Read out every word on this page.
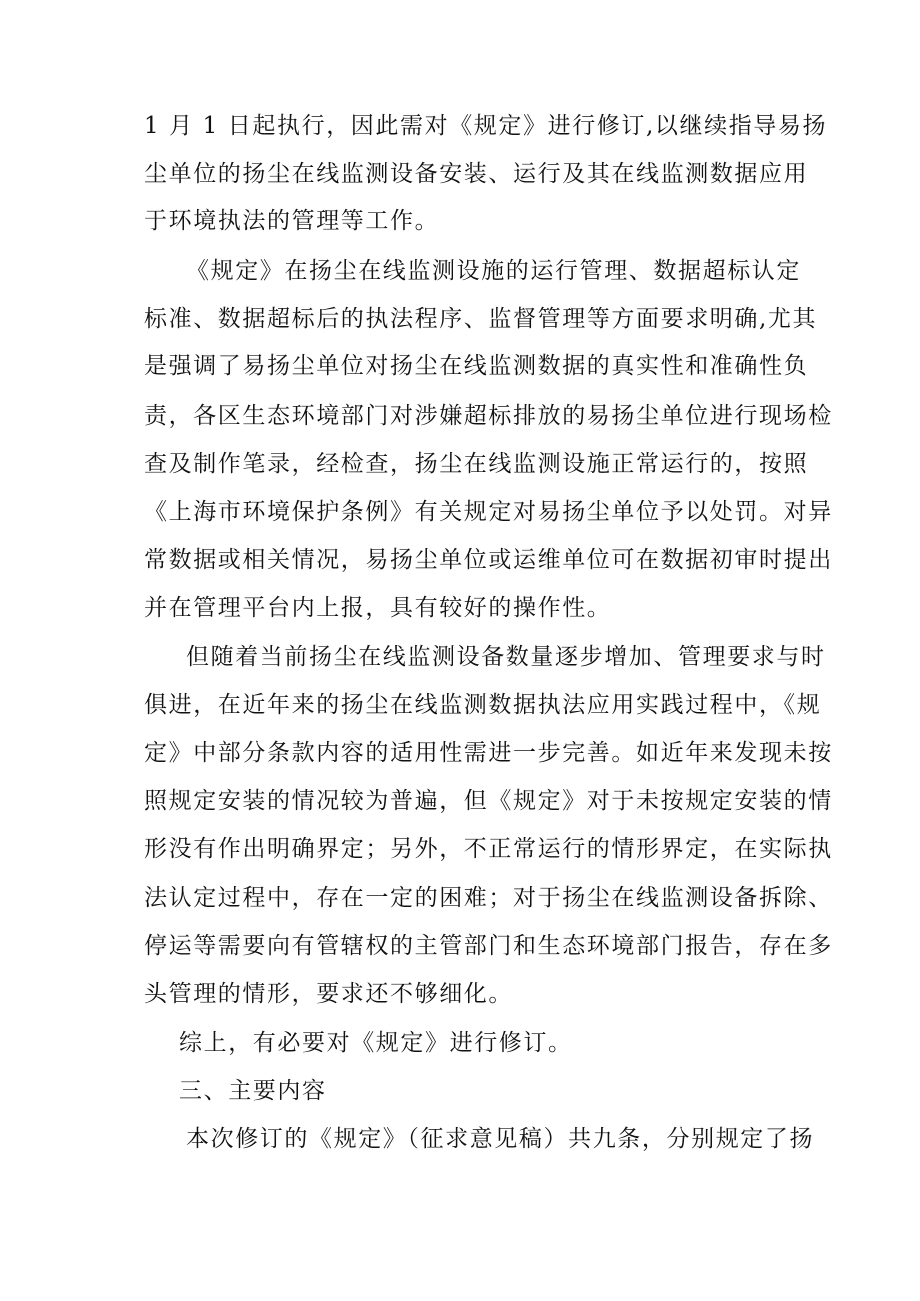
1 月 1 日起执行，因此需对《规定》进行修订,以继续指导易扬
尘单位的扬尘在线监测设备安装、运行及其在线监测数据应用
于环境执法的管理等工作。
《规定》在扬尘在线监测设施的运行管理、数据超标认定
标准、数据超标后的执法程序、监督管理等方面要求明确,尤其
是强调了易扬尘单位对扬尘在线监测数据的真实性和准确性负
责，各区生态环境部门对涉嫌超标排放的易扬尘单位进行现场检
查及制作笔录，经检查，扬尘在线监测设施正常运行的，按照
《上海市环境保护条例》有关规定对易扬尘单位予以处罚。对异
常数据或相关情况，易扬尘单位或运维单位可在数据初审时提出
并在管理平台内上报，具有较好的操作性。
但随着当前扬尘在线监测设备数量逐步增加、管理要求与时
俱进，在近年来的扬尘在线监测数据执法应用实践过程中，《规
定》中部分条款内容的适用性需进一步完善。如近年来发现未按
照规定安装的情况较为普遍，但《规定》对于未按规定安装的情
形没有作出明确界定；另外，不正常运行的情形界定，在实际执
法认定过程中，存在一定的困难；对于扬尘在线监测设备拆除、
停运等需要向有管辖权的主管部门和生态环境部门报告，存在多
头管理的情形，要求还不够细化。
综上，有必要对《规定》进行修订。
三、主要内容
本次修订的《规定》（征求意见稿）共九条，分别规定了扬
